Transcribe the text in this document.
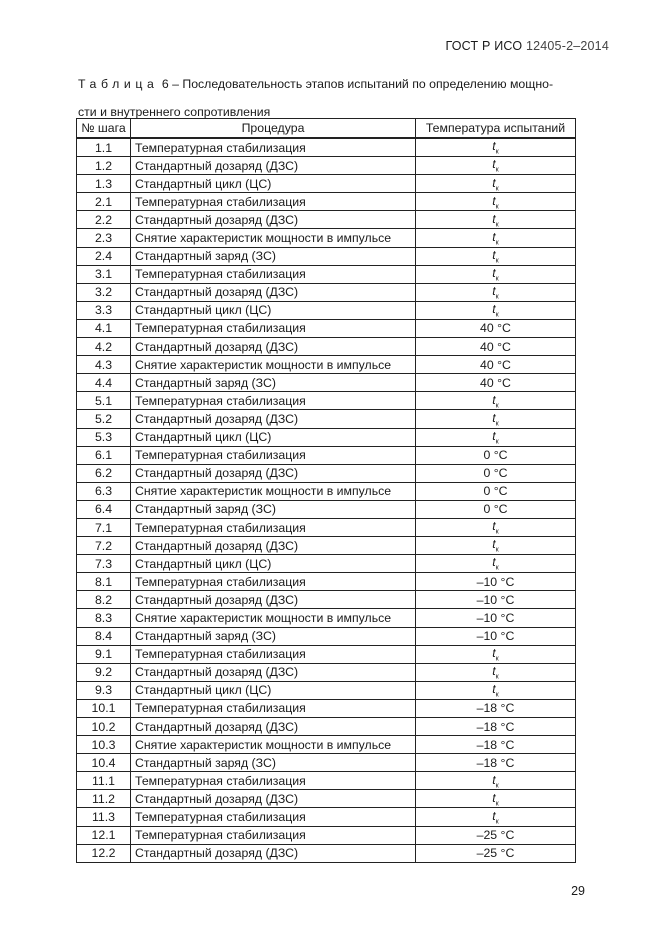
ГОСТ Р ИСО 12405-2–2014
Таблица 6 – Последовательность этапов испытаний по определению мощно-
сти и внутреннего сопротивления
№ шага	Процедура	Температура испытаний
1.1	Температурная стабилизация	$t_к$
1.2	Стандартный дозаряд (ДЗС)	$t_к$
1.3	Стандартный цикл (ЦС)	$t_к$
2.1	Температурная стабилизация	$t_к$
2.2	Стандартный дозаряд (ДЗС)	$t_к$
2.3	Снятие характеристик мощности в импульсе	$t_к$
2.4	Стандартный заряд (ЗС)	$t_к$
3.1	Температурная стабилизация	$t_к$
3.2	Стандартный дозаряд (ДЗС)	$t_к$
3.3	Стандартный цикл (ЦС)	$t_к$
4.1	Температурная стабилизация	40 °С
4.2	Стандартный дозаряд (ДЗС)	40 °С
4.3	Снятие характеристик мощности в импульсе	40 °С
4.4	Стандартный заряд (ЗС)	40 °С
5.1	Температурная стабилизация	$t_к$
5.2	Стандартный дозаряд (ДЗС)	$t_к$
5.3	Стандартный цикл (ЦС)	$t_к$
6.1	Температурная стабилизация	0 °С
6.2	Стандартный дозаряд (ДЗС)	0 °С
6.3	Снятие характеристик мощности в импульсе	0 °С
6.4	Стандартный заряд (ЗС)	0 °С
7.1	Температурная стабилизация	$t_к$
7.2	Стандартный дозаряд (ДЗС)	$t_к$
7.3	Стандартный цикл (ЦС)	$t_к$
8.1	Температурная стабилизация	–10 °С
8.2	Стандартный дозаряд (ДЗС)	–10 °С
8.3	Снятие характеристик мощности в импульсе	–10 °С
8.4	Стандартный заряд (ЗС)	–10 °С
9.1	Температурная стабилизация	$t_к$
9.2	Стандартный дозаряд (ДЗС)	$t_к$
9.3	Стандартный цикл (ЦС)	$t_к$
10.1	Температурная стабилизация	–18 °С
10.2	Стандартный дозаряд (ДЗС)	–18 °С
10.3	Снятие характеристик мощности в импульсе	–18 °С
10.4	Стандартный заряд (ЗС)	–18 °С
11.1	Температурная стабилизация	$t_к$
11.2	Стандартный дозаряд (ДЗС)	$t_к$
11.3	Температурная стабилизация	$t_к$
12.1	Температурная стабилизация	–25 °С
12.2	Стандартный дозаряд (ДЗС)	–25 °С
29
